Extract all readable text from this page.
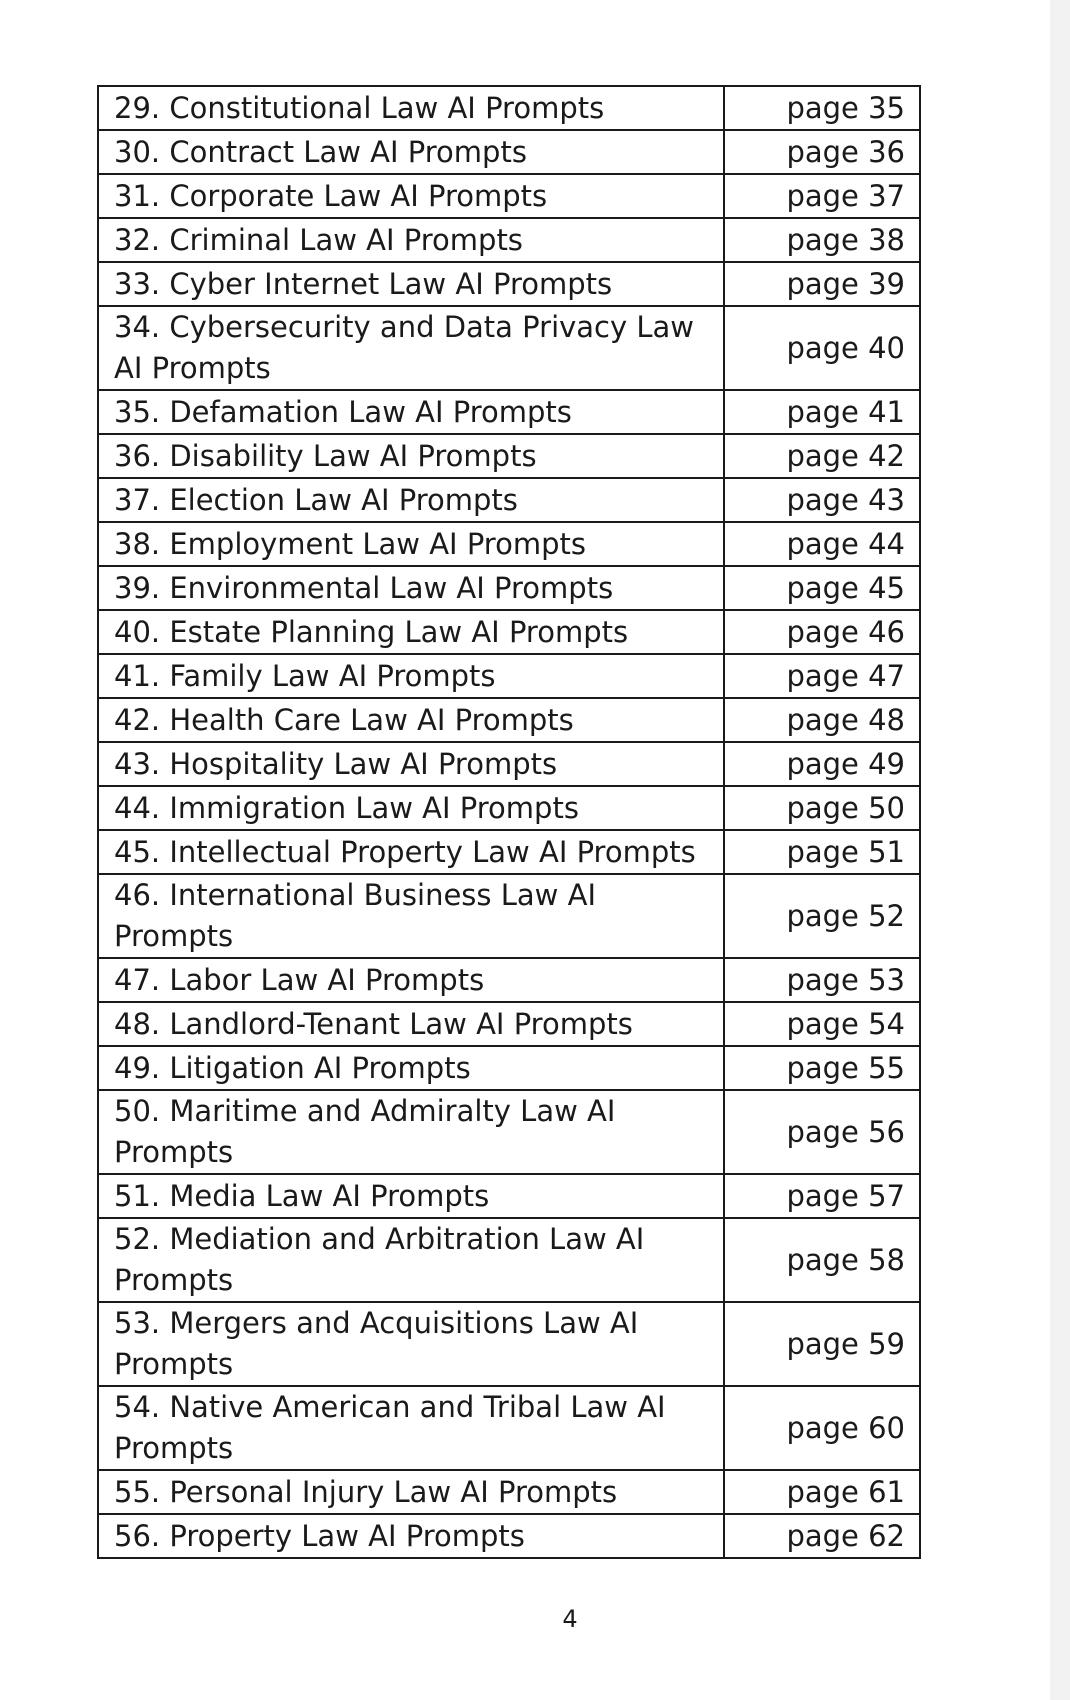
29. Constitutional Law AI Prompts	page 35
30. Contract Law AI Prompts	page 36
31. Corporate Law AI Prompts	page 37
32. Criminal Law AI Prompts	page 38
33. Cyber Internet Law AI Prompts	page 39
34. Cybersecurity and Data Privacy Law AI Prompts	page 40
35. Defamation Law AI Prompts	page 41
36. Disability Law AI Prompts	page 42
37. Election Law AI Prompts	page 43
38. Employment Law AI Prompts	page 44
39. Environmental Law AI Prompts	page 45
40. Estate Planning Law AI Prompts	page 46
41. Family Law AI Prompts	page 47
42. Health Care Law AI Prompts	page 48
43. Hospitality Law AI Prompts	page 49
44. Immigration Law AI Prompts	page 50
45. Intellectual Property Law AI Prompts	page 51
46. International Business Law AI Prompts	page 52
47. Labor Law AI Prompts	page 53
48. Landlord-Tenant Law AI Prompts	page 54
49. Litigation AI Prompts	page 55
50. Maritime and Admiralty Law AI Prompts	page 56
51. Media Law AI Prompts	page 57
52. Mediation and Arbitration Law AI Prompts	page 58
53. Mergers and Acquisitions Law AI Prompts	page 59
54. Native American and Tribal Law AI Prompts	page 60
55. Personal Injury Law AI Prompts	page 61
56. Property Law AI Prompts	page 62
4
